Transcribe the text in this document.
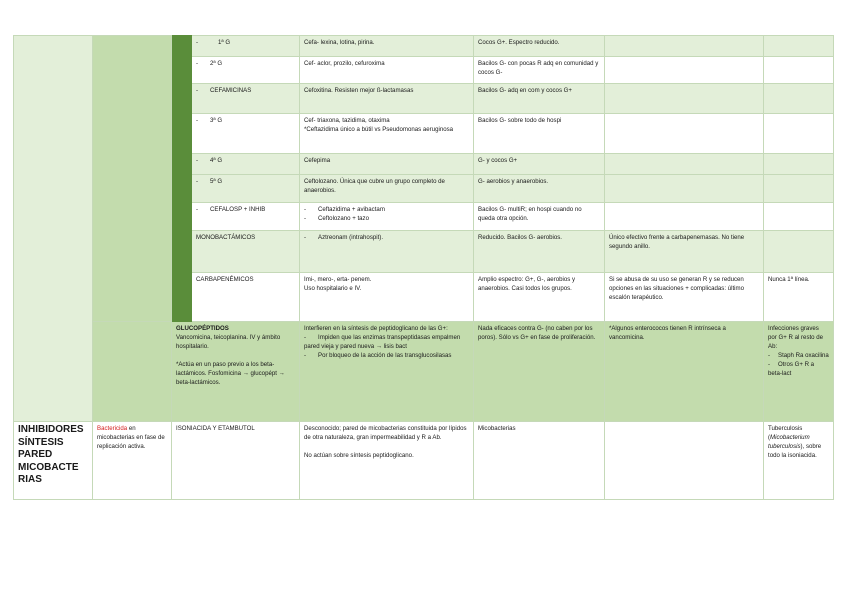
			- 1ª G	Cefa- lexina, lotina, pirina.	Cocos G+. Espectro reducido.		
			- 2ª G	Cef- aclor, prozilo, cefuroxima	Bacilos G- con pocas R adq en comunidad y cocos G-		
			- CEFAMICINAS	Cefoxitina. Resisten mejor ß-lactamasas	Bacilos G- adq en com y cocos G+		
			- 3ª G	Cef- triaxona, tazidima, otaxima
*Ceftazidima único a bútil vs Pseudomonas aeruginosa	Bacilos G- sobre todo de hospi		
			- 4ª G	Cefepima	G- y cocos G+		
			- 5ª G	Ceftolozano. Única que cubre un grupo completo de anaerobios.	G- aerobios y anaerobios.		
			- CEFALOSP + INHIB	- Ceftazidima + avibactam
- Ceftolozano + tazo	Bacilos G- multiR; en hospi cuando no queda otra opción.		
			MONOBACTÁMICOS	- Aztreonam (intrahospit).	Reducido. Bacilos G- aerobios.	Único efectivo frente a carbapenemasas. No tiene segundo anillo.	
			CARBAPENÉMICOS	Imi-, mero-, erta- penem.
Uso hospitalario e IV.	Amplio espectro: G+, G-, aerobios y anaerobios. Casi todos los grupos.	Si se abusa de su uso se generan R y se reducen opciones en las situaciones + complicadas: último escalón terapéutico.	Nunca 1ª línea.

		GLUCOPÉPTIDOS
Vancomicina, teicoplanina. IV y ámbito hospitalario.
*Actúa en un paso previo a los beta-lactámicos. Fosfomicina → glucopépt → beta-lactámicos.		Interfieren en la síntesis de peptidoglicano de las G+:
- Impiden que las enzimas transpeptidasas empalmen pared vieja y pared nueva → lisis bact
- Por bloqueo de la acción de las transglucosilasas	Nada eficaces contra G- (no caben por los poros). Sólo vs G+ en fase de proliferación.	*Algunos enterococos tienen R intrínseca a vancomicina.	Infecciones graves por G+ R al resto de Ab:
- Staph Ra oxacilina
- Otros G+ R a beta-lact

INHIBIDORES
SÍNTESIS
PARED
MICOBACTE
RIAS	Bactericida en micobacterias en fase de replicación activa.	ISONIACIDA Y ETAMBUTOL		Desconocido; pared de micobacterias constituida por lípidos de otra naturaleza, gran impermeabilidad y R a Ab.
No actúan sobre síntesis peptidoglicano.	Micobacterias		Tuberculosis (Micobacterium tuberculosis), sobre todo la isoniacida.
